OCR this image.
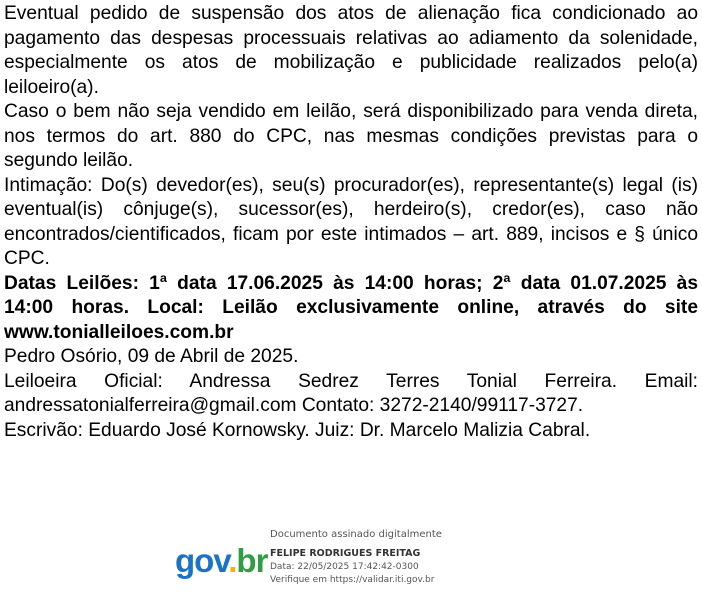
Eventual pedido de suspensão dos atos de alienação fica condicionado ao pagamento das despesas processuais relativas ao adiamento da solenidade, especialmente os atos de mobilização e publicidade realizados pelo(a) leiloeiro(a).

Caso o bem não seja vendido em leilão, será disponibilizado para venda direta, nos termos do art. 880 do CPC, nas mesmas condições previstas para o segundo leilão.

Intimação: Do(s) devedor(es), seu(s) procurador(es), representante(s) legal (is) eventual(is) cônjuge(s), sucessor(es), herdeiro(s), credor(es), caso não encontrados/cientificados, ficam por este intimados – art. 889, incisos e § único CPC.

Datas Leilões: 1ª data 17.06.2025 às 14:00 horas; 2ª data 01.07.2025 às 14:00 horas. Local: Leilão exclusivamente online, através do site www.tonialleiloes.com.br

Pedro Osório, 09 de Abril de 2025.

Leiloeira Oficial: Andressa Sedrez Terres Tonial Ferreira. Email: andressatonialferreira@gmail.com Contato: 3272-2140/99117-3727.

Escrivão: Eduardo José Kornowsky. Juiz: Dr. Marcelo Malizia Cabral.

gov.br
Documento assinado digitalmente
FELIPE RODRIGUES FREITAG
Data: 22/05/2025 17:42:42-0300
Verifique em https://validar.iti.gov.br
